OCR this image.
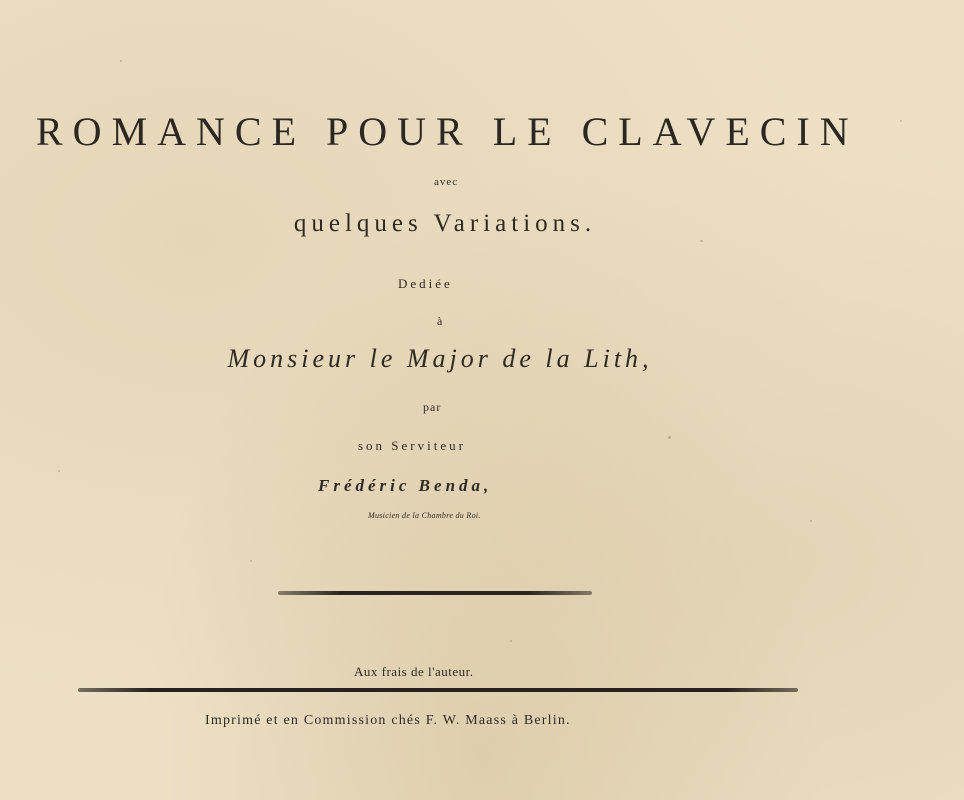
ROMANCE POUR LE CLAVECIN
avec
quelques Variations.
Dediée
à
Monsieur le Major de la Lith,
par
son Serviteur
Frédéric Benda,
Musicien de la Chambre du Roi.
Aux frais de l'auteur.
Imprimé et en Commission chés F. W. Maass à Berlin.
